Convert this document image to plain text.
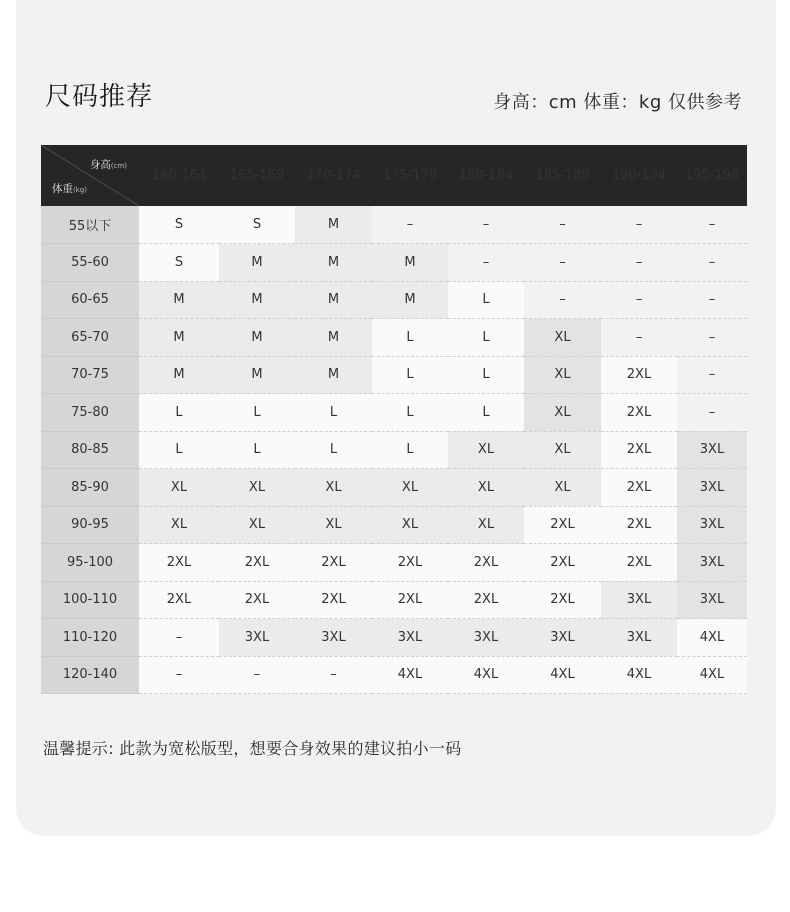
尺码推荐	身高：cm 体重：kg 仅供参考
身高(cm)
体重(kg)	160-164	165-169	170-174	175-179	180-184	185-189	190-194	195-198
55以下	S	S	M	–	–	–	–	–
55-60	S	M	M	M	–	–	–	–
60-65	M	M	M	M	L	–	–	–
65-70	M	M	M	L	L	XL	–	–
70-75	M	M	M	L	L	XL	2XL	–
75-80	L	L	L	L	L	XL	2XL	–
80-85	L	L	L	L	XL	XL	2XL	3XL
85-90	XL	XL	XL	XL	XL	XL	2XL	3XL
90-95	XL	XL	XL	XL	XL	2XL	2XL	3XL
95-100	2XL	2XL	2XL	2XL	2XL	2XL	2XL	3XL
100-110	2XL	2XL	2XL	2XL	2XL	2XL	3XL	3XL
110-120	–	3XL	3XL	3XL	3XL	3XL	3XL	4XL
120-140	–	–	–	4XL	4XL	4XL	4XL	4XL
温馨提示: 此款为宽松版型，想要合身效果的建议拍小一码
